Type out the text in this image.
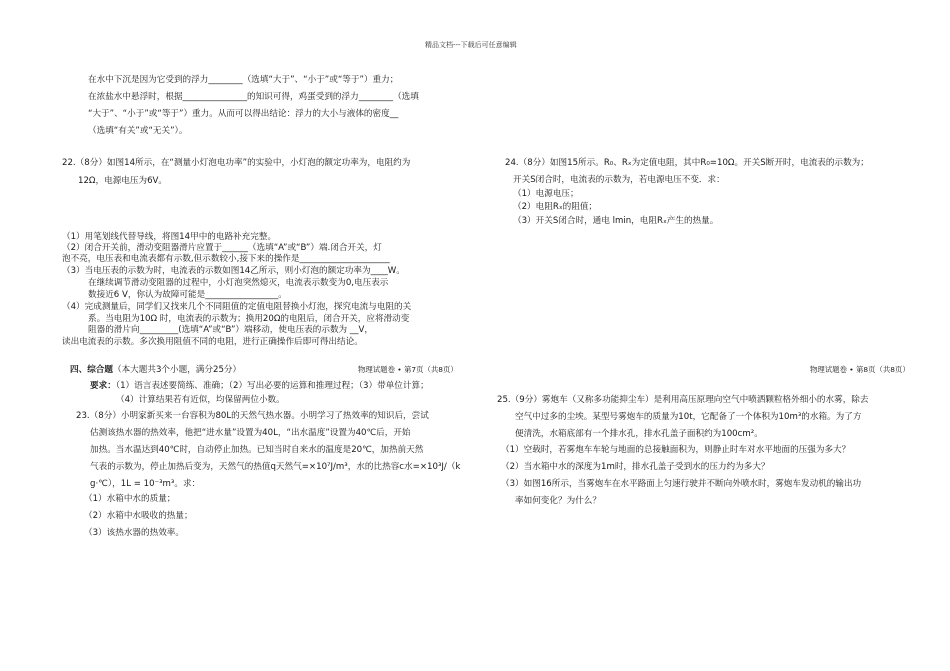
精品文档---下载后可任意编辑
在水中下沉是因为它受到的浮力________（选填“大于”、“小于”或“等于”）重力；
在浓盐水中悬浮时，根据_______________的知识可得，鸡蛋受到的浮力________（选填
“大于”、“小于”或“等于”）重力。从而可以得出结论：浮力的大小与液体的密度__
（选填“有关”或“无关”）。
22.（8分）如图14所示，在“测量小灯泡电功率”的实验中，小灯泡的额定功率为，电阻约为
12Ω，电源电压为6V。
（1）用笔划线代替导线，将图14甲中的电路补充完整。
（2）闭合开关前，滑动变阻器滑片应置于______（选填“A”或“B”）端.闭合开关，灯
泡不亮，电压表和电流表都有示数,但示数较小,接下来的操作是_____________________
（3）当电压表的示数为时，电流表的示数如图14乙所示，则小灯泡的额定功率为____W。
在继续调节滑动变阻器的过程中，小灯泡突然熄灭，电流表示数变为0,电压表示
数接近6 V，你认为故障可能是_________________。
（4）完成测量后，同学们又找来几个不同阻值的定值电阻替换小灯泡，探究电流与电阻的关
系。当电阻为10Ω 时，电流表的示数为；换用20Ω的电阻后，闭合开关，应将滑动变
阻器的滑片向_________(选填“A”或“B”）端移动，使电压表的示数为 __V，
读出电流表的示数。多次换用阻值不同的电阻，进行正确操作后即可得出结论。
四、综合题（本大题共3个小题，满分25分）	物理试题卷 • 第7页（共8页）
要求：（1）语言表述要简练、准确；（2）写出必要的运算和推理过程；（3）带单位计算；
（4）计算结果若有近似，均保留两位小数。
23.（8分）小明家新买来一台容积为80L的天然气热水器。小明学习了热效率的知识后，尝试
估测该热水器的热效率，他把“进水量”设置为40L，“出水温度”设置为40℃后，开始
加热。当水温达到40℃时，自动停止加热。已知当时自来水的温度是20℃，加热前天然
气表的示数为，停止加热后变为，天然气的热值q天然气=×10⁷J/m³，水的比热容c水=×10³J/（k
g·℃），1L = 10⁻³m³。求：
（1）水箱中水的质量；
（2）水箱中水吸收的热量；
（3）该热水器的热效率。
24.（8分）如图15所示。R₀、Rₓ为定值电阻，其中R₀=10Ω。开关S断开时，电流表的示数为；
开关S闭合时，电流表的示数为，若电源电压不变．求：
（1）电源电压；
（2）电阻Rₓ的阻值；
（3）开关S闭合时，通电 lmin，电阻Rₓ产生的热量。
物理试题卷 • 第8页（共8页）
25.（9分）雾炮车（又称多功能抑尘车）是利用高压原理向空气中喷洒颗粒格外细小的水雾，除去
空气中过多的尘埃。某型号雾炮车的质量为10t，它配备了一个体积为10m³的水箱。为了方
便清洗，水箱底部有一个排水孔，排水孔盖子面积约为100cm²。
（1）空载时，若雾炮车车轮与地面的总接触面积为，则静止时车对水平地面的压强为多大？
（2）当水箱中水的深度为1m时，排水孔盖子受到水的压力约为多大？
（3）如图16所示，当雾炮车在水平路面上匀速行驶并不断向外喷水时，雾炮车发动机的输出功
率如何变化？为什么？
